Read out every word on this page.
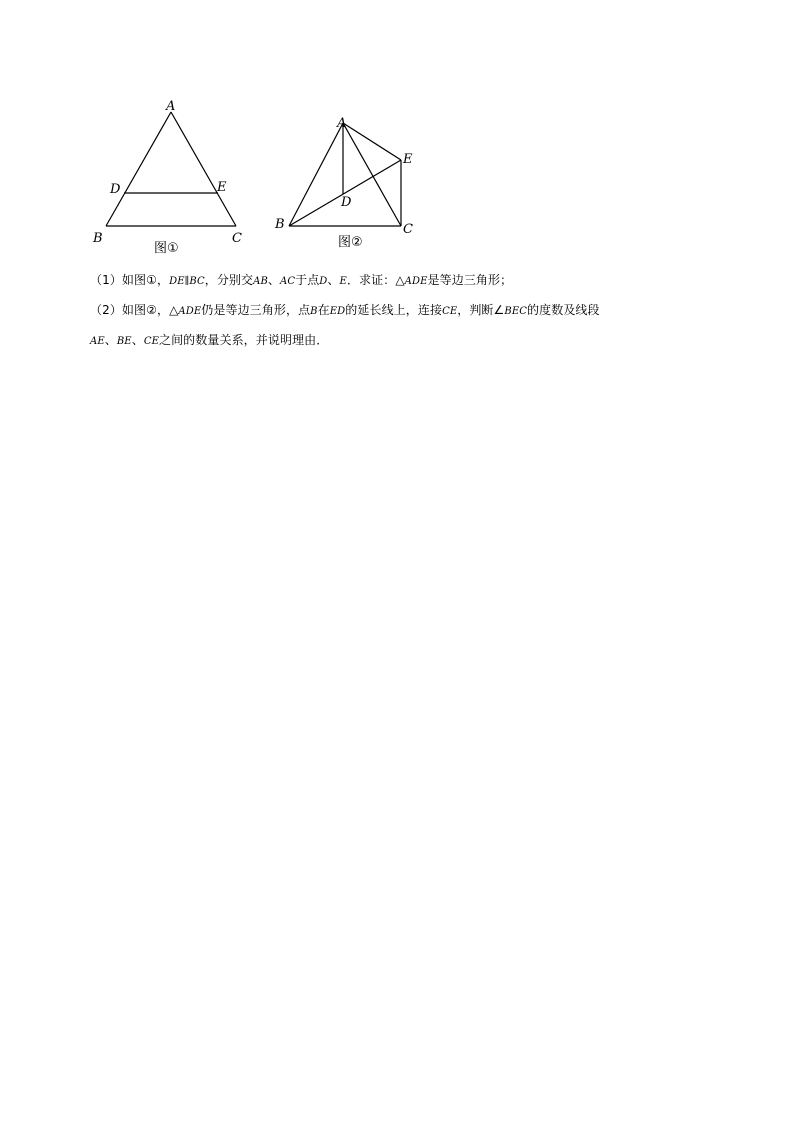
A
B	C
D	E
图①
A
B	C
D
E
图②
（1）如图①，DE∥BC，分别交AB、AC于点D、E．求证：△ADE是等边三角形；
（2）如图②，△ADE仍是等边三角形，点B在ED的延长线上，连接CE，判断∠BEC的度数及线段
AE、BE、CE之间的数量关系，并说明理由．
